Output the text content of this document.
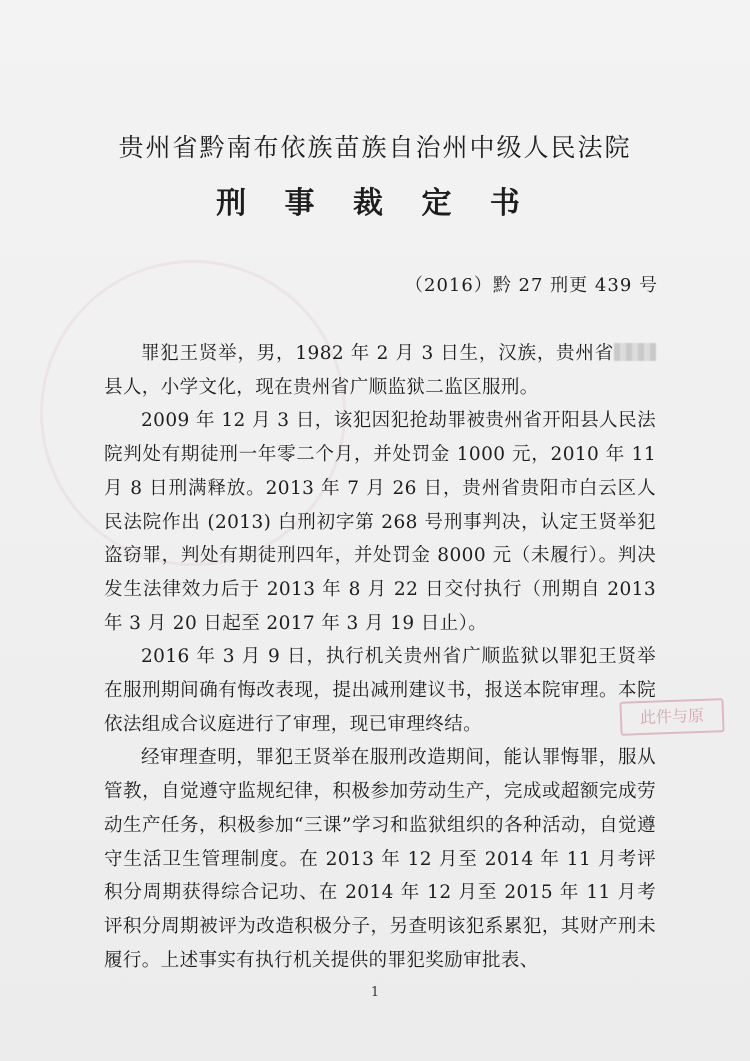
贵州省黔南布依族苗族自治州中级人民法院
刑 事 裁 定 书
（2016）黔 27 刑更 439 号

罪犯王贤举，男，1982 年 2 月 3 日生，汉族，贵州省县人，小学文化，现在贵州省广顺监狱二监区服刑。

2009 年 12 月 3 日，该犯因犯抢劫罪被贵州省开阳县人民法院判处有期徒刑一年零二个月，并处罚金 1000 元，2010 年 11 月 8 日刑满释放。2013 年 7 月 26 日，贵州省贵阳市白云区人民法院作出 (2013) 白刑初字第 268 号刑事判决，认定王贤举犯盗窃罪，判处有期徒刑四年，并处罚金 8000 元（未履行）。判决发生法律效力后于 2013 年 8 月 22 日交付执行（刑期自 2013 年 3 月 20 日起至 2017 年 3 月 19 日止）。

2016 年 3 月 9 日，执行机关贵州省广顺监狱以罪犯王贤举在服刑期间确有悔改表现，提出减刑建议书，报送本院审理。本院依法组成合议庭进行了审理，现已审理终结。

经审理查明，罪犯王贤举在服刑改造期间，能认罪悔罪，服从管教，自觉遵守监规纪律，积极参加劳动生产，完成或超额完成劳动生产任务，积极参加“三课”学习和监狱组织的各种活动，自觉遵守生活卫生管理制度。在 2013 年 12 月至 2014 年 11 月考评积分周期获得综合记功、在 2014 年 12 月至 2015 年 11 月考评积分周期被评为改造积极分子，另查明该犯系累犯，其财产刑未履行。上述事实有执行机关提供的罪犯奖励审批表、

此件与原
1
